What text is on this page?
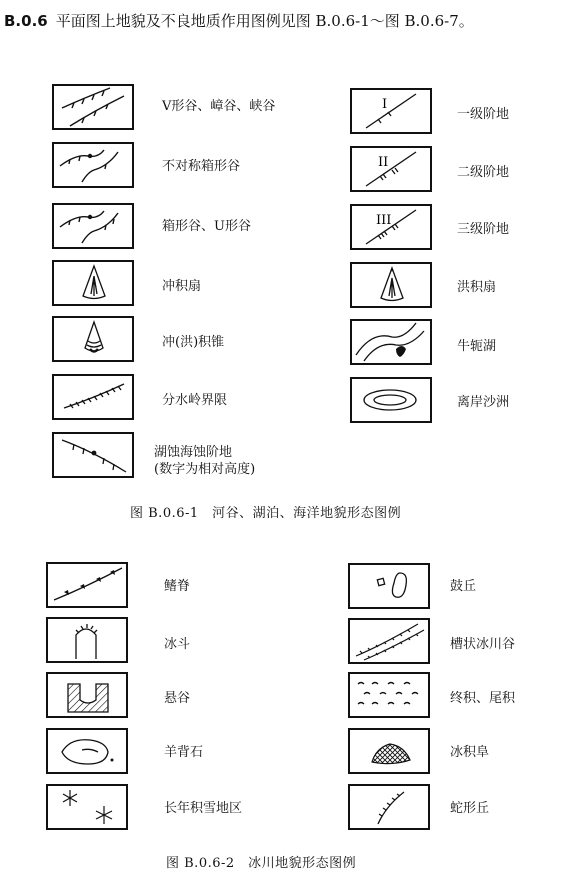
B.0.6 平面图上地貌及不良地质作用图例见图 B.0.6-1～图 B.0.6-7。
V形谷、嶂谷、峡谷
不对称箱形谷
箱形谷、U形谷
冲积扇
冲(洪)积锥
分水岭界限
湖蚀海蚀阶地
(数字为相对高度)
I
一级阶地
II
二级阶地
III
三级阶地
洪积扇
牛轭湖
离岸沙洲
图 B.0.6-1　河谷、湖泊、海洋地貌形态图例
鳍脊
冰斗
悬谷
羊背石
长年积雪地区
鼓丘
槽状冰川谷
终积、尾积
冰积阜
蛇形丘
图 B.0.6-2　冰川地貌形态图例
